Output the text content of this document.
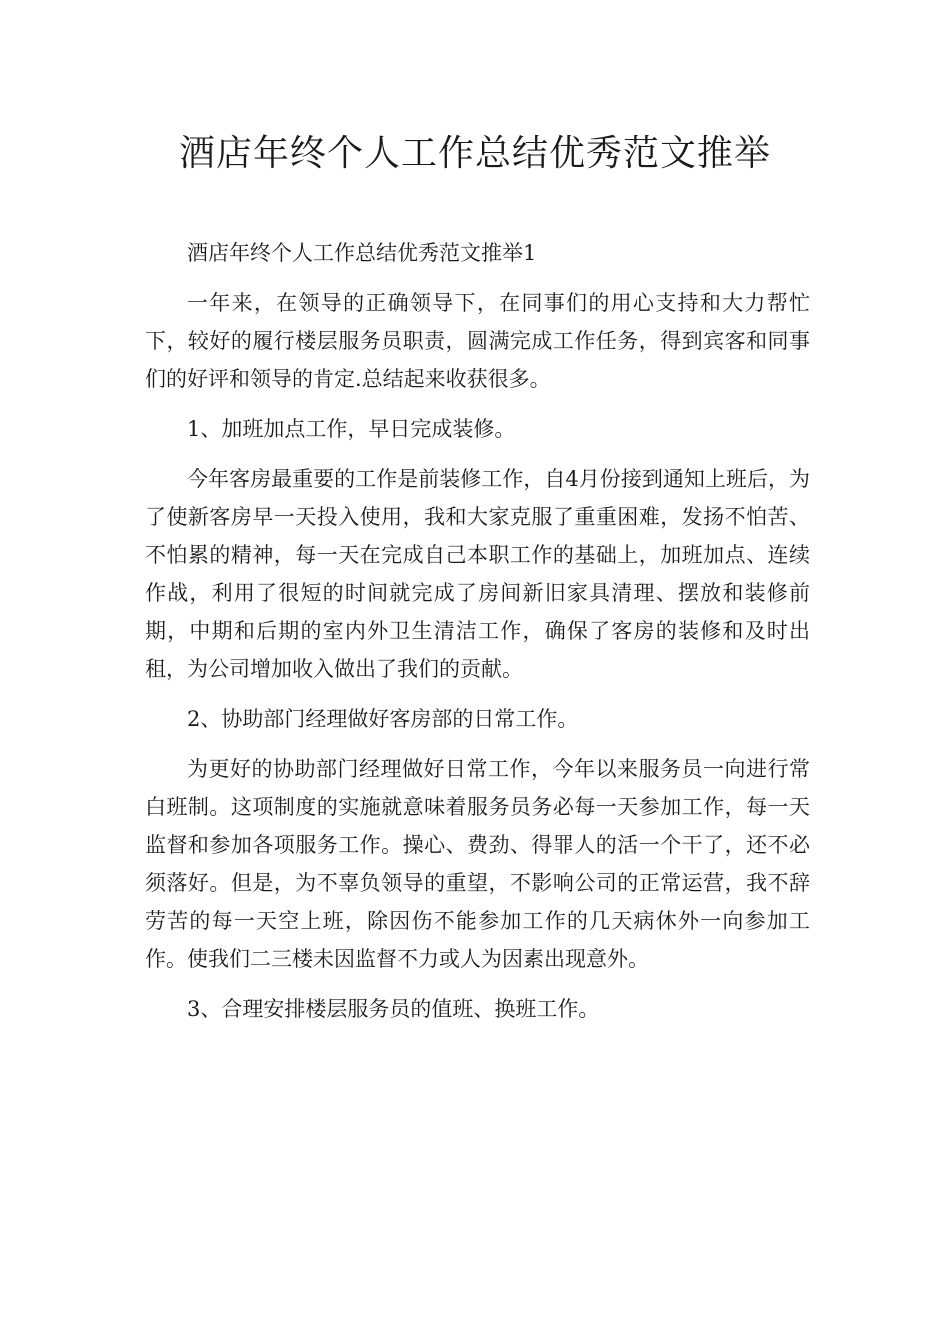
酒店年终个人工作总结优秀范文推举

酒店年终个人工作总结优秀范文推举1

一年来，在领导的正确领导下，在同事们的用心支持和大力帮忙下，较好的履行楼层服务员职责，圆满完成工作任务，得到宾客和同事们的好评和领导的肯定.总结起来收获很多。

1、加班加点工作，早日完成装修。

今年客房最重要的工作是前装修工作，自4月份接到通知上班后，为了使新客房早一天投入使用，我和大家克服了重重困难，发扬不怕苦、不怕累的精神，每一天在完成自己本职工作的基础上，加班加点、连续作战，利用了很短的时间就完成了房间新旧家具清理、摆放和装修前期，中期和后期的室内外卫生清洁工作，确保了客房的装修和及时出租，为公司增加收入做出了我们的贡献。

2、协助部门经理做好客房部的日常工作。

为更好的协助部门经理做好日常工作，今年以来服务员一向进行常白班制。这项制度的实施就意味着服务员务必每一天参加工作，每一天监督和参加各项服务工作。操心、费劲、得罪人的活一个干了，还不必须落好。但是，为不辜负领导的重望，不影响公司的正常运营，我不辞劳苦的每一天空上班，除因伤不能参加工作的几天病休外一向参加工作。使我们二三楼未因监督不力或人为因素出现意外。

3、合理安排楼层服务员的值班、换班工作。
